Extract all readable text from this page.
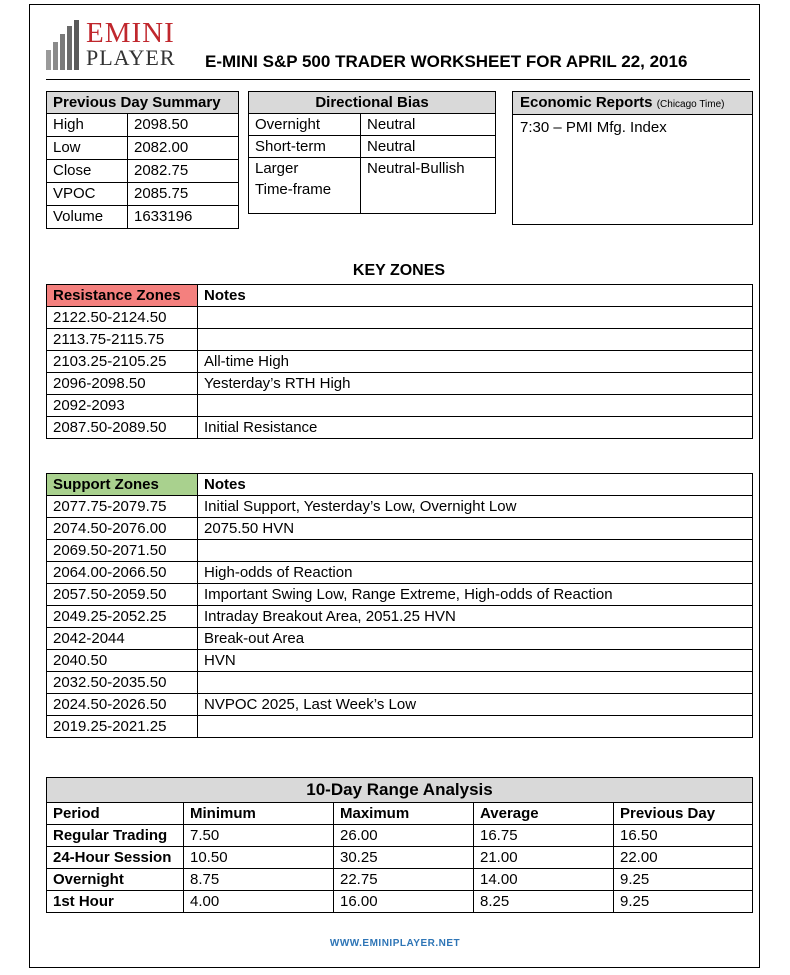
EMINI
PLAYER E-MINI S&P 500 TRADER WORKSHEET FOR APRIL 22, 2016
Previous Day Summary	
High	2098.50
Low	2082.00
Close	2082.75
VPOC	2085.75
Volume	1633196
Directional Bias	
Overnight	Neutral
Short-term	Neutral
Larger
Time-frame	Neutral-Bullish
Economic Reports (Chicago Time)
7:30 – PMI Mfg. Index
KEY ZONES
Resistance Zones	Notes
2122.50-2124.50	
2113.75-2115.75	
2103.25-2105.25	All-time High
2096-2098.50	Yesterday’s RTH High
2092-2093	
2087.50-2089.50	Initial Resistance
Support Zones	Notes
2077.75-2079.75	Initial Support, Yesterday’s Low, Overnight Low
2074.50-2076.00	2075.50 HVN
2069.50-2071.50	
2064.00-2066.50	High-odds of Reaction
2057.50-2059.50	Important Swing Low, Range Extreme, High-odds of Reaction
2049.25-2052.25	Intraday Breakout Area, 2051.25 HVN
2042-2044	Break-out Area
2040.50	HVN
2032.50-2035.50	
2024.50-2026.50	NVPOC 2025, Last Week’s Low
2019.25-2021.25	
10-Day Range Analysis				
Period	Minimum	Maximum	Average	Previous Day
Regular Trading	7.50	26.00	16.75	16.50
24-Hour Session	10.50	30.25	21.00	22.00
Overnight	8.75	22.75	14.00	9.25
1st Hour	4.00	16.00	8.25	9.25
WWW.EMINIPLAYER.NET
